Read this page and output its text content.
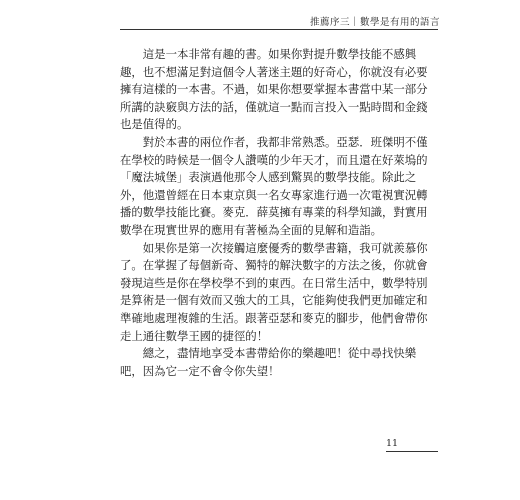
推薦序三｜數學是有用的語言

　　這是一本非常有趣的書。如果你對提升數學技能不感興
趣，也不想滿足對這個令人著迷主題的好奇心，你就沒有必要
擁有這樣的一本書。不過，如果你想要掌握本書當中某一部分
所講的訣竅與方法的話，僅就這一點而言投入一點時間和金錢
也是值得的。

　　對於本書的兩位作者，我都非常熟悉。亞瑟．班傑明不僅
在學校的時候是一個令人讚嘆的少年天才，而且還在好萊塢的
「魔法城堡」表演過他那令人感到驚異的數學技能。除此之
外，他還曾經在日本東京與一名女專家進行過一次電視實況轉
播的數學技能比賽。麥克．薛莫擁有專業的科學知識，對實用
數學在現實世界的應用有著極為全面的見解和造詣。

　　如果你是第一次接觸這麼優秀的數學書籍，我可就羨慕你
了。在掌握了每個新奇、獨特的解決數字的方法之後，你就會
發現這些是你在學校學不到的東西。在日常生活中，數學特別
是算術是一個有效而又強大的工具，它能夠使我們更加確定和
準確地處理複雜的生活。跟著亞瑟和麥克的腳步，他們會帶你
走上通往數學王國的捷徑的！

　　總之，盡情地享受本書帶給你的樂趣吧！從中尋找快樂
吧，因為它一定不會令你失望！

11
